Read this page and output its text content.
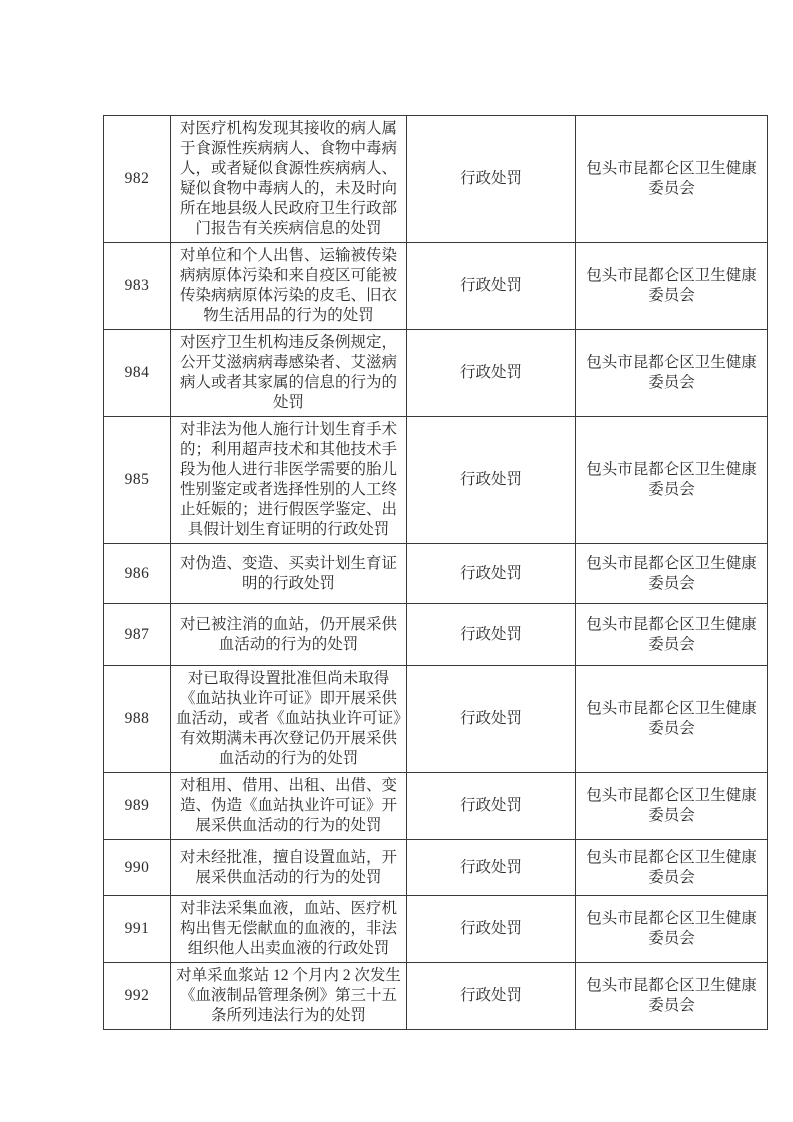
982	对医疗机构发现其接收的病人属于食源性疾病病人、食物中毒病人，或者疑似食源性疾病病人、疑似食物中毒病人的，未及时向所在地县级人民政府卫生行政部门报告有关疾病信息的处罚	行政处罚	包头市昆都仑区卫生健康委员会
983	对单位和个人出售、运输被传染病病原体污染和来自疫区可能被传染病病原体污染的皮毛、旧衣物生活用品的行为的处罚	行政处罚	包头市昆都仑区卫生健康委员会
984	对医疗卫生机构违反条例规定，公开艾滋病病毒感染者、艾滋病病人或者其家属的信息的行为的处罚	行政处罚	包头市昆都仑区卫生健康委员会
985	对非法为他人施行计划生育手术的；利用超声技术和其他技术手段为他人进行非医学需要的胎儿性别鉴定或者选择性别的人工终止妊娠的；进行假医学鉴定、出具假计划生育证明的行政处罚	行政处罚	包头市昆都仑区卫生健康委员会
986	对伪造、变造、买卖计划生育证明的行政处罚	行政处罚	包头市昆都仑区卫生健康委员会
987	对已被注消的血站，仍开展采供血活动的行为的处罚	行政处罚	包头市昆都仑区卫生健康委员会
988	对已取得设置批准但尚未取得《血站执业许可证》即开展采供血活动，或者《血站执业许可证》有效期满未再次登记仍开展采供血活动的行为的处罚	行政处罚	包头市昆都仑区卫生健康委员会
989	对租用、借用、出租、出借、变造、伪造《血站执业许可证》开展采供血活动的行为的处罚	行政处罚	包头市昆都仑区卫生健康委员会
990	对未经批准，擅自设置血站，开展采供血活动的行为的处罚	行政处罚	包头市昆都仑区卫生健康委员会
991	对非法采集血液，血站、医疗机构出售无偿献血的血液的，非法组织他人出卖血液的行政处罚	行政处罚	包头市昆都仑区卫生健康委员会
992	对单采血浆站 12 个月内 2 次发生《血液制品管理条例》第三十五条所列违法行为的处罚	行政处罚	包头市昆都仑区卫生健康委员会
